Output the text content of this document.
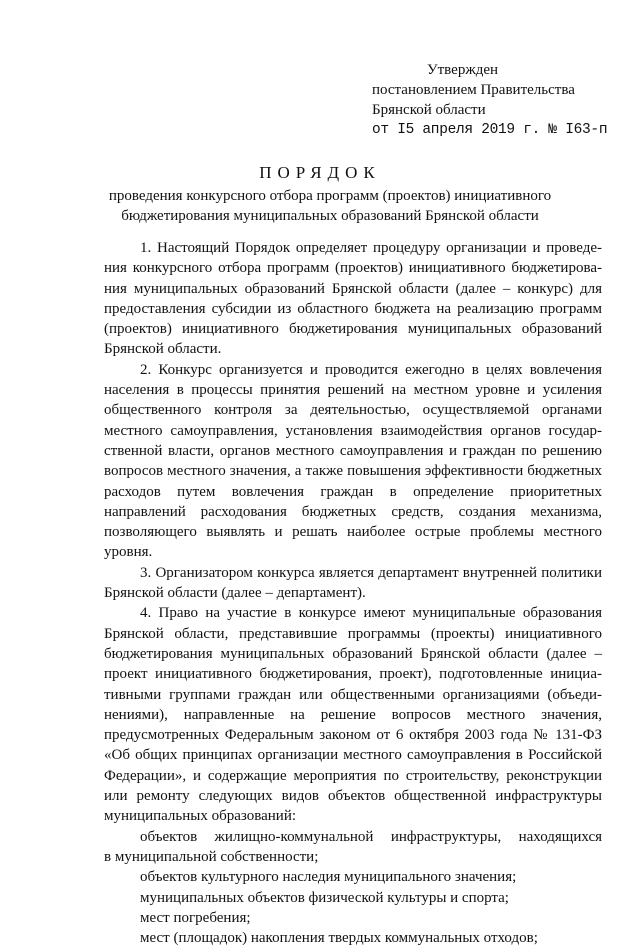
Утвержден
постановлением Правительства
Брянской области
от I5 апреля 2019 г. № I63-п
ПОРЯДОК
проведения конкурсного отбора программ (проектов) инициативного
бюджетирования муниципальных образований Брянской области
1. Настоящий Порядок определяет процедуру организации и проведе-
ния конкурсного отбора программ (проектов) инициативного бюджетирова-
ния муниципальных образований Брянской области (далее – конкурс) для
предоставления субсидии из областного бюджета на реализацию программ
(проектов) инициативного бюджетирования муниципальных образований
Брянской области.
2. Конкурс организуется и проводится ежегодно в целях вовлечения
населения в процессы принятия решений на местном уровне и усиления
общественного контроля за деятельностью, осуществляемой органами
местного самоуправления, установления взаимодействия органов государ-
ственной власти, органов местного самоуправления и граждан по решению
вопросов местного значения, а также повышения эффективности бюджетных
расходов путем вовлечения граждан в определение приоритетных
направлений расходования бюджетных средств, создания механизма,
позволяющего выявлять и решать наиболее острые проблемы местного
уровня.
3. Организатором конкурса является департамент внутренней политики
Брянской области (далее – департамент).
4. Право на участие в конкурсе имеют муниципальные образования
Брянской области, представившие программы (проекты) инициативного
бюджетирования муниципальных образований Брянской области (далее –
проект инициативного бюджетирования, проект), подготовленные инициа-
тивными группами граждан или общественными организациями (объеди-
нениями), направленные на решение вопросов местного значения,
предусмотренных Федеральным законом от 6 октября 2003 года № 131-ФЗ
«Об общих принципах организации местного самоуправления в Российской
Федерации», и содержащие мероприятия по строительству, реконструкции
или ремонту следующих видов объектов общественной инфраструктуры
муниципальных образований:
объектов жилищно-коммунальной инфраструктуры, находящихся
в муниципальной собственности;
объектов культурного наследия муниципального значения;
муниципальных объектов физической культуры и спорта;
мест погребения;
мест (площадок) накопления твердых коммунальных отходов;
